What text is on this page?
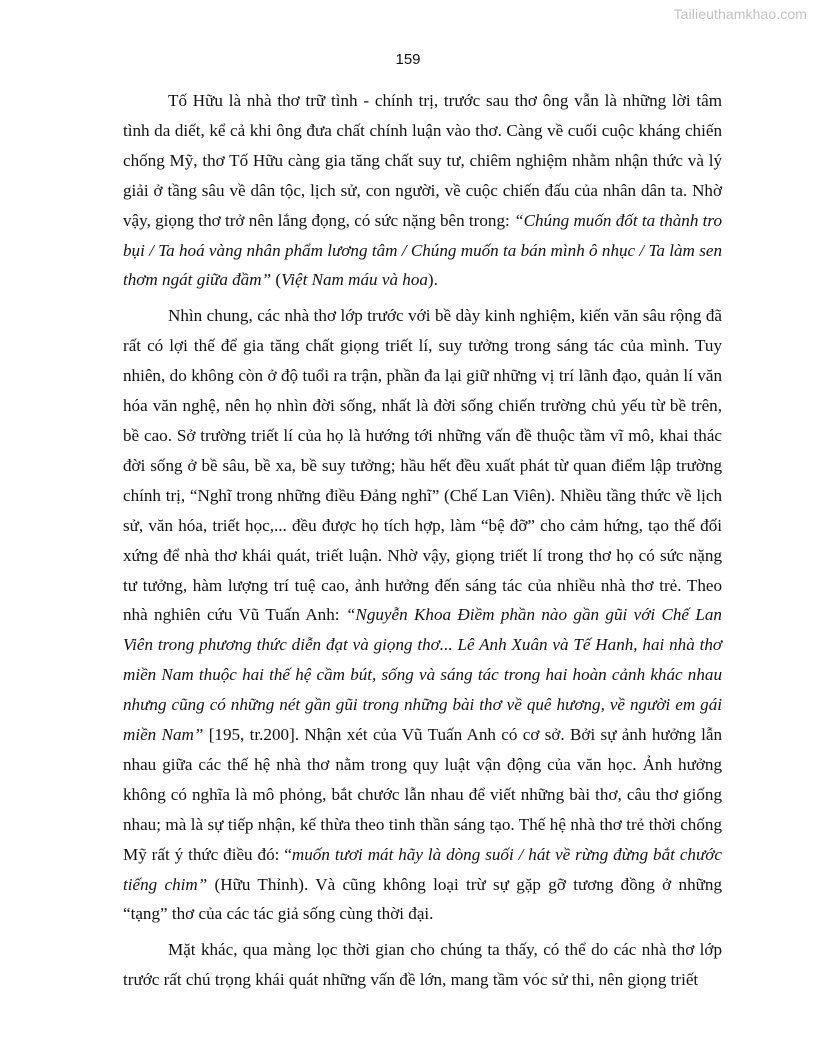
Tailieuthamkhao.com
159

Tố Hữu là nhà thơ trữ tình - chính trị, trước sau thơ ông vẫn là những lời tâm tình da diết, kể cả khi ông đưa chất chính luận vào thơ. Càng về cuối cuộc kháng chiến chống Mỹ, thơ Tố Hữu càng gia tăng chất suy tư, chiêm nghiệm nhằm nhận thức và lý giải ở tầng sâu về dân tộc, lịch sử, con người, về cuộc chiến đấu của nhân dân ta. Nhờ vậy, giọng thơ trở nên lắng đọng, có sức nặng bên trong: “Chúng muốn đốt ta thành tro bụi / Ta hoá vàng nhân phẩm lương tâm / Chúng muốn ta bán mình ô nhục / Ta làm sen thơm ngát giữa đầm” (Việt Nam máu và hoa).

Nhìn chung, các nhà thơ lớp trước với bề dày kinh nghiệm, kiến văn sâu rộng đã rất có lợi thế để gia tăng chất giọng triết lí, suy tưởng trong sáng tác của mình. Tuy nhiên, do không còn ở độ tuổi ra trận, phần đa lại giữ những vị trí lãnh đạo, quản lí văn hóa văn nghệ, nên họ nhìn đời sống, nhất là đời sống chiến trường chủ yếu từ bề trên, bề cao. Sở trường triết lí của họ là hướng tới những vấn đề thuộc tầm vĩ mô, khai thác đời sống ở bề sâu, bề xa, bề suy tưởng; hầu hết đều xuất phát từ quan điểm lập trường chính trị, “Nghĩ trong những điều Đảng nghĩ” (Chế Lan Viên). Nhiều tầng thức về lịch sử, văn hóa, triết học,... đều được họ tích hợp, làm “bệ đỡ” cho cảm hứng, tạo thế đối xứng để nhà thơ khái quát, triết luận. Nhờ vậy, giọng triết lí trong thơ họ có sức nặng tư tưởng, hàm lượng trí tuệ cao, ảnh hưởng đến sáng tác của nhiều nhà thơ trẻ. Theo nhà nghiên cứu Vũ Tuấn Anh: “Nguyễn Khoa Điềm phần nào gần gũi với Chế Lan Viên trong phương thức diễn đạt và giọng thơ... Lê Anh Xuân và Tế Hanh, hai nhà thơ miền Nam thuộc hai thế hệ cầm bút, sống và sáng tác trong hai hoàn cảnh khác nhau nhưng cũng có những nét gần gũi trong những bài thơ về quê hương, về người em gái miền Nam” [195, tr.200]. Nhận xét của Vũ Tuấn Anh có cơ sở. Bởi sự ảnh hưởng lẫn nhau giữa các thế hệ nhà thơ nằm trong quy luật vận động của văn học. Ảnh hưởng không có nghĩa là mô phỏng, bắt chước lẫn nhau để viết những bài thơ, câu thơ giống nhau; mà là sự tiếp nhận, kế thừa theo tinh thần sáng tạo. Thế hệ nhà thơ trẻ thời chống Mỹ rất ý thức điều đó: “muốn tươi mát hãy là dòng suối / hát về rừng đừng bắt chước tiếng chim” (Hữu Thỉnh). Và cũng không loại trừ sự gặp gỡ tương đồng ở những “tạng” thơ của các tác giả sống cùng thời đại.

Mặt khác, qua màng lọc thời gian cho chúng ta thấy, có thể do các nhà thơ lớp trước rất chú trọng khái quát những vấn đề lớn, mang tầm vóc sử thi, nên giọng triết
